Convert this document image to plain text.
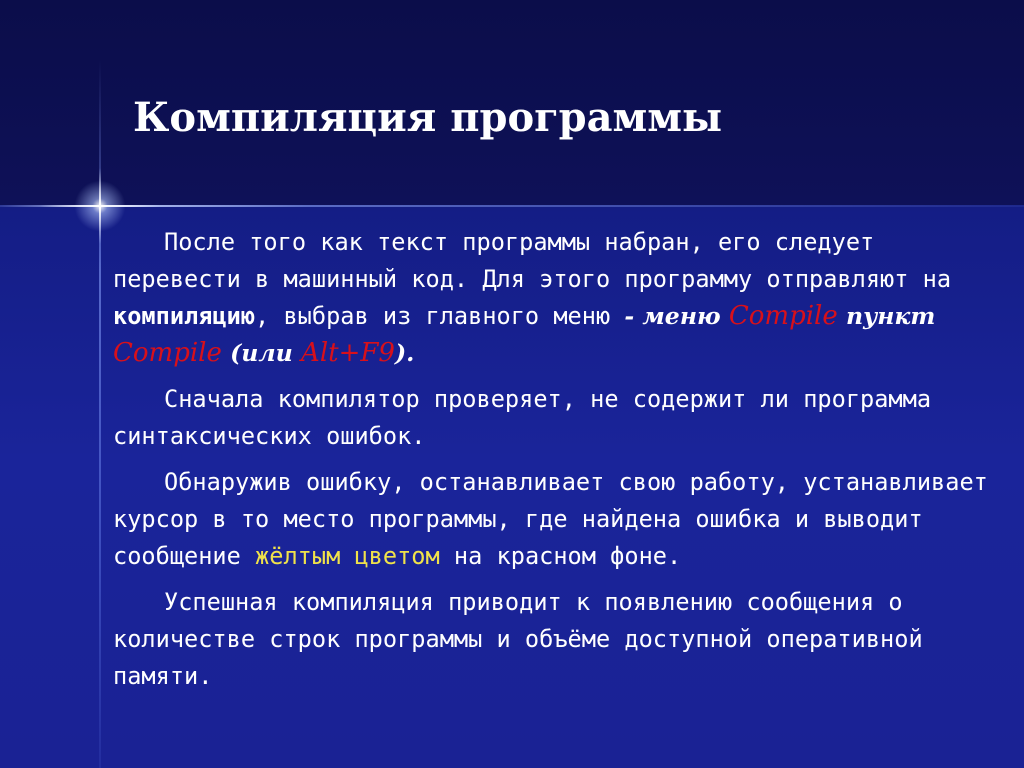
Компиляция программы

После того как текст программы набран, его следует перевести в машинный код. Для этого программу отправляют на компиляцию, выбрав из главного меню - меню Compile пункт Compile (или Alt+F9).

Сначала компилятор проверяет, не содержит ли программа синтаксических ошибок.

Обнаружив ошибку, останавливает свою работу, устанавливает курсор в то место программы, где найдена ошибка и выводит сообщение жёлтым цветом на красном фоне.

Успешная компиляция приводит к появлению сообщения о количестве строк программы и объёме доступной оперативной памяти.
